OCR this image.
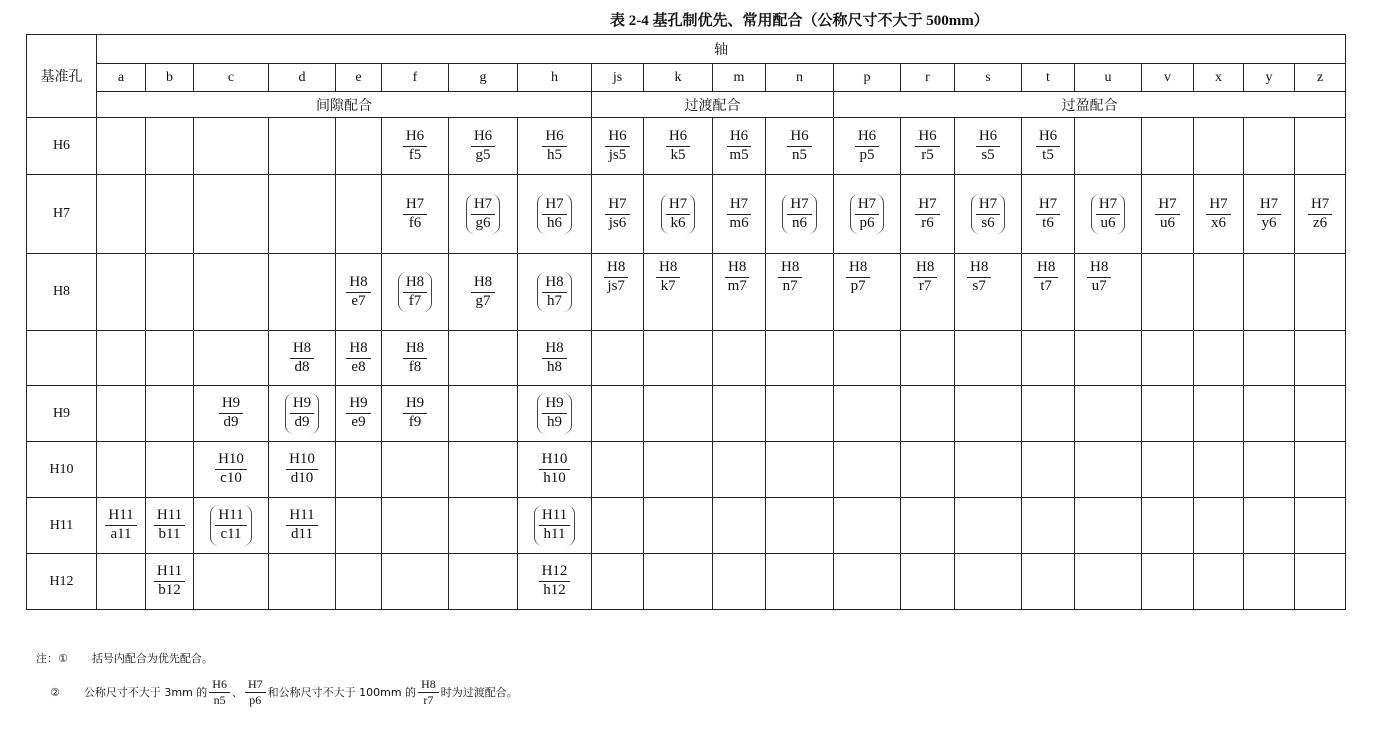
表 2-4 基孔制优先、常用配合（公称尺寸不大于 500mm）
基准孔	轴																				
	a	b	c	d	e	f	g	h	js	k	m	n	p	r	s	t	u	v	x	y	z
	间隙配合								过渡配合				过盈配合								
H6						$\frac{H6}{f5}$	$\frac{H6}{g5}$	$\frac{H6}{h5}$	$\frac{H6}{js5}$	$\frac{H6}{k5}$	$\frac{H6}{m5}$	$\frac{H6}{n5}$	$\frac{H6}{p5}$	$\frac{H6}{r5}$	$\frac{H6}{s5}$	$\frac{H6}{t5}$

H7						$\frac{H7}{f6}$	$\frac{H7}{g6}$	$\frac{H7}{h6}$	$\frac{H7}{js6}$	$\frac{H7}{k6}$	$\frac{H7}{m6}$	$\frac{H7}{n6}$	$\frac{H7}{p6}$	$\frac{H7}{r6}$	$\frac{H7}{s6}$	$\frac{H7}{t6}$	$\frac{H7}{u6}$	$\frac{H7}{u6}$	$\frac{H7}{x6}$	$\frac{H7}{y6}$	$\frac{H7}{z6}$

H8					$\frac{H8}{e7}$	$\frac{H8}{f7}$	$\frac{H8}{g7}$	$\frac{H8}{h7}$	$\frac{H8}{js7}$	$\frac{H8}{k7}$	$\frac{H8}{m7}$	$\frac{H8}{n7}$	$\frac{H8}{p7}$	$\frac{H8}{r7}$	$\frac{H8}{s7}$	$\frac{H8}{t7}$	$\frac{H8}{u7}$

				$\frac{H8}{d8}$	$\frac{H8}{e8}$	$\frac{H8}{f8}$		$\frac{H8}{h8}$

H9			$\frac{H9}{d9}$	$\frac{H9}{d9}$	$\frac{H9}{e9}$	$\frac{H9}{f9}$		$\frac{H9}{h9}$

H10			$\frac{H10}{c10}$	$\frac{H10}{d10}$				$\frac{H10}{h10}$

H11	$\frac{H11}{a11}$	$\frac{H11}{b11}$	$\frac{H11}{c11}$	$\frac{H11}{d11}$				$\frac{H11}{h11}$

H12		$\frac{H11}{b12}$						$\frac{H12}{h12}$

注：① 括号内配合为优先配合。
② 公称尺寸不大于 3mm 的 $\frac{H6}{n5}$ 、 $\frac{H7}{p6}$ 和公称尺寸不大于 100mm 的 $\frac{H8}{r7}$ 时为过渡配合。
